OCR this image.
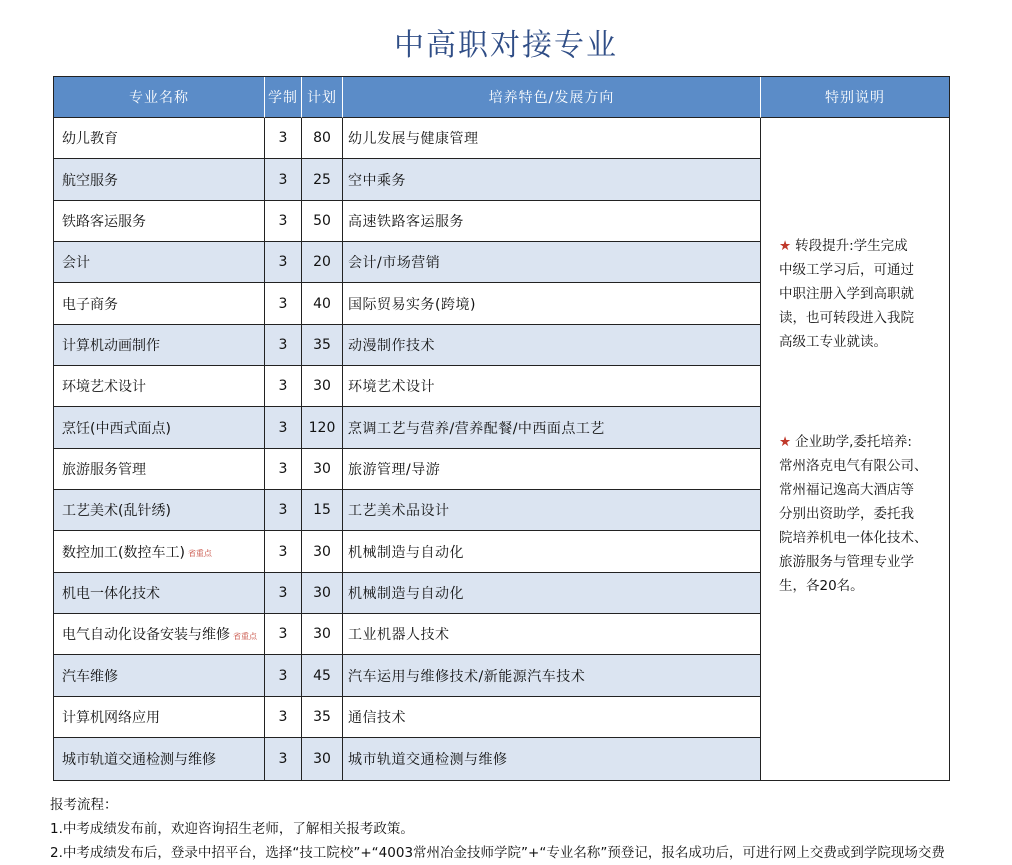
中高职对接专业
专业名称	学制 计划	培养特色/发展方向	特别说明
幼儿教育	3	80	幼儿发展与健康管理
航空服务	3	25	空中乘务
铁路客运服务	3	50	高速铁路客运服务
会计	3	20	会计/市场营销
电子商务	3	40	国际贸易实务(跨境)
计算机动画制作	3	35	动漫制作技术
环境艺术设计	3	30	环境艺术设计
烹饪(中西式面点)	3	120 烹调工艺与营养/营养配餐/中西面点工艺
旅游服务管理	3	30	旅游管理/导游
工艺美术(乱针绣)	3	15	工艺美术品设计
数控加工(数控车工) 省重点	3	30	机械制造与自动化
机电一体化技术	3	30	机械制造与自动化
电气自动化设备安装与维修 省重点	3	30	工业机器人技术
汽车维修	3	45	汽车运用与维修技术/新能源汽车技术
计算机网络应用	3	35	通信技术
城市轨道交通检测与维修	3	30	城市轨道交通检测与维修
★ 转段提升:学生完成
中级工学习后，可通过
中职注册入学到高职就
读，也可转段进入我院
高级工专业就读。
★ 企业助学,委托培养:
常州洛克电气有限公司、
常州福记逸高大酒店等
分别出资助学，委托我
院培养机电一体化技术、
旅游服务与管理专业学
生，各20名。
报考流程：
1.中考成绩发布前，欢迎咨询招生老师，了解相关报考政策。
2.中考成绩发布后，登录中招平台，选择“技工院校”+“4003常州冶金技师学院”+“专业名称”预登记，报名成功后，可进行网上交费或到学院现场交费
